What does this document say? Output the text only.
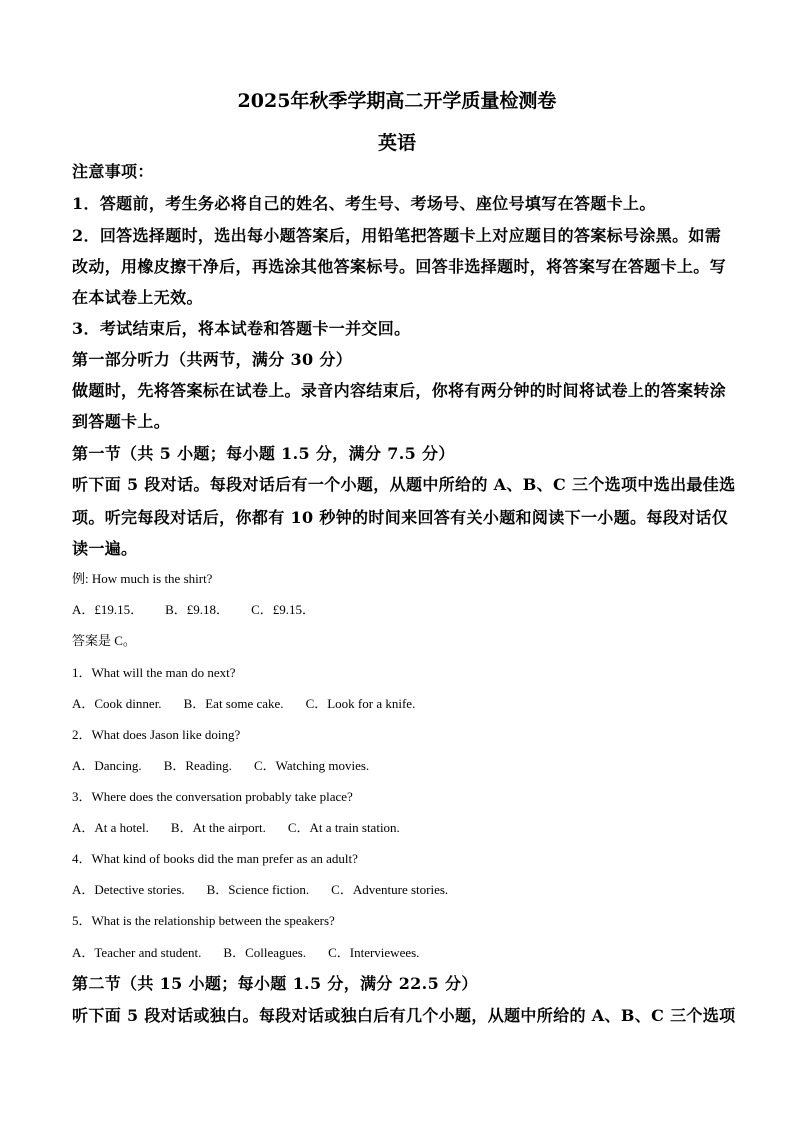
2025年秋季学期高二开学质量检测卷
英语
注意事项：
1．答题前，考生务必将自己的姓名、考生号、考场号、座位号填写在答题卡上。
2．回答选择题时，选出每小题答案后，用铅笔把答题卡上对应题目的答案标号涂黑。如需
改动，用橡皮擦干净后，再选涂其他答案标号。回答非选择题时，将答案写在答题卡上。写
在本试卷上无效。
3．考试结束后，将本试卷和答题卡一并交回。
第一部分听力（共两节，满分 30 分）
做题时，先将答案标在试卷上。录音内容结束后，你将有两分钟的时间将试卷上的答案转涂
到答题卡上。
第一节（共 5 小题；每小题 1.5 分，满分 7.5 分）
听下面 5 段对话。每段对话后有一个小题，从题中所给的 A、B、C 三个选项中选出最佳选
项。听完每段对话后，你都有 10 秒钟的时间来回答有关小题和阅读下一小题。每段对话仅
读一遍。
例: How much is the shirt?
A．£19.15． B．£9.18． C．£9.15．
答案是 C。
1．What will the man do next?
A．Cook dinner. B．Eat some cake. C．Look for a knife.
2．What does Jason like doing?
A．Dancing. B．Reading. C．Watching movies.
3．Where does the conversation probably take place?
A．At a hotel. B．At the airport. C．At a train station.
4．What kind of books did the man prefer as an adult?
A．Detective stories. B．Science fiction. C．Adventure stories.
5．What is the relationship between the speakers?
A．Teacher and student. B．Colleagues. C．Interviewees.
第二节（共 15 小题；每小题 1.5 分，满分 22.5 分）
听下面 5 段对话或独白。每段对话或独白后有几个小题，从题中所给的 A、B、C 三个选项
